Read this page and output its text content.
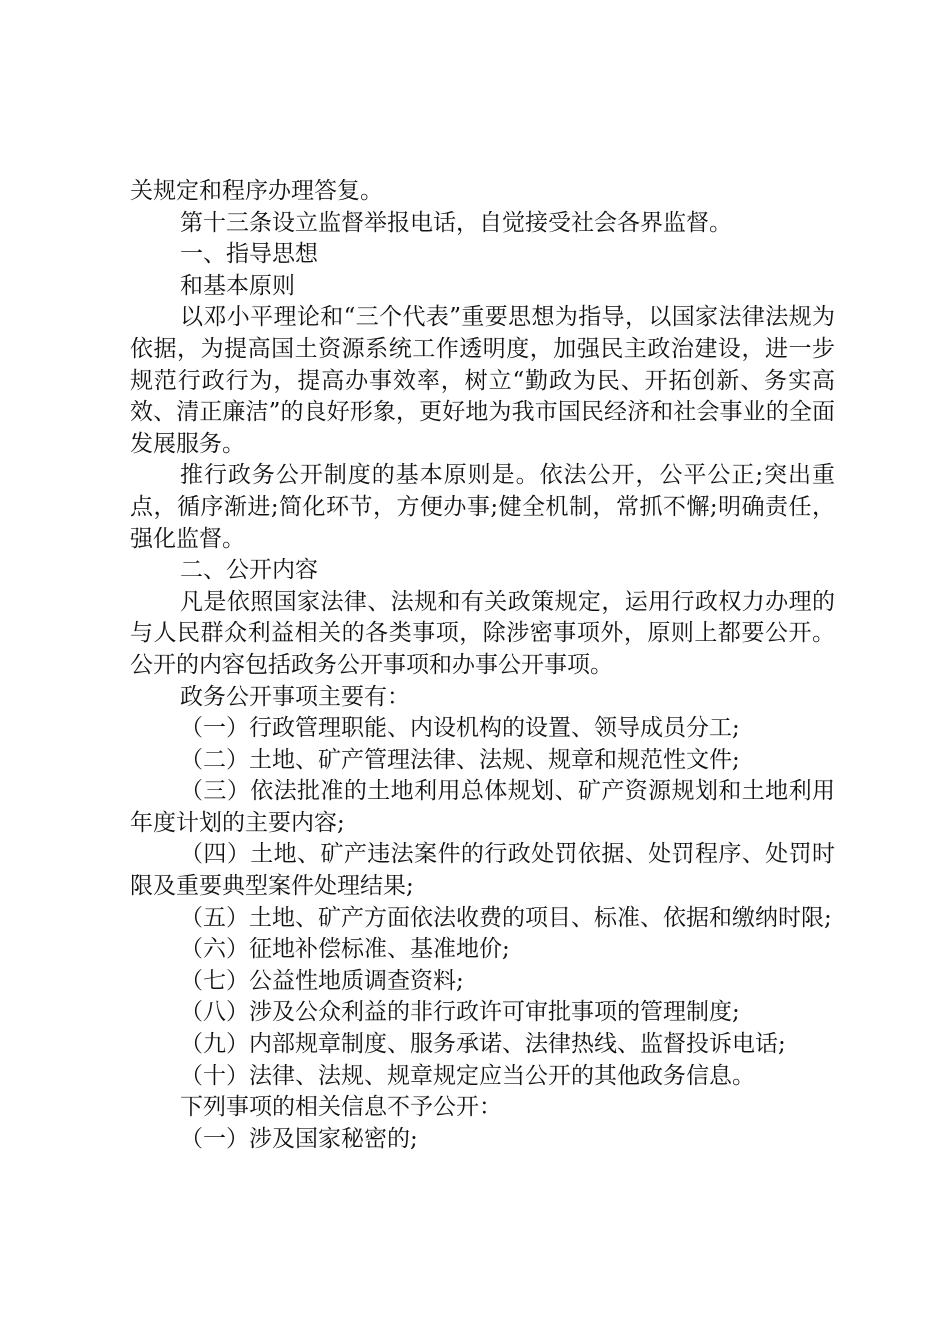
关规定和程序办理答复。

第十三条设立监督举报电话，自觉接受社会各界监督。

一、指导思想

和基本原则

以邓小平理论和“三个代表”重要思想为指导，以国家法律法规为依据，为提高国土资源系统工作透明度，加强民主政治建设，进一步规范行政行为，提高办事效率，树立“勤政为民、开拓创新、务实高效、清正廉洁”的良好形象，更好地为我市国民经济和社会事业的全面发展服务。

推行政务公开制度的基本原则是。依法公开，公平公正;突出重点，循序渐进;简化环节，方便办事;健全机制，常抓不懈;明确责任，强化监督。

二、公开内容

凡是依照国家法律、法规和有关政策规定，运用行政权力办理的与人民群众利益相关的各类事项，除涉密事项外，原则上都要公开。公开的内容包括政务公开事项和办事公开事项。

政务公开事项主要有：

（一）行政管理职能、内设机构的设置、领导成员分工;

（二）土地、矿产管理法律、法规、规章和规范性文件;

（三）依法批准的土地利用总体规划、矿产资源规划和土地利用年度计划的主要内容;

（四）土地、矿产违法案件的行政处罚依据、处罚程序、处罚时限及重要典型案件处理结果;

（五）土地、矿产方面依法收费的项目、标准、依据和缴纳时限;

（六）征地补偿标准、基准地价;

（七）公益性地质调查资料;

（八）涉及公众利益的非行政许可审批事项的管理制度;

（九）内部规章制度、服务承诺、法律热线、监督投诉电话;

（十）法律、法规、规章规定应当公开的其他政务信息。

下列事项的相关信息不予公开：

（一）涉及国家秘密的;
